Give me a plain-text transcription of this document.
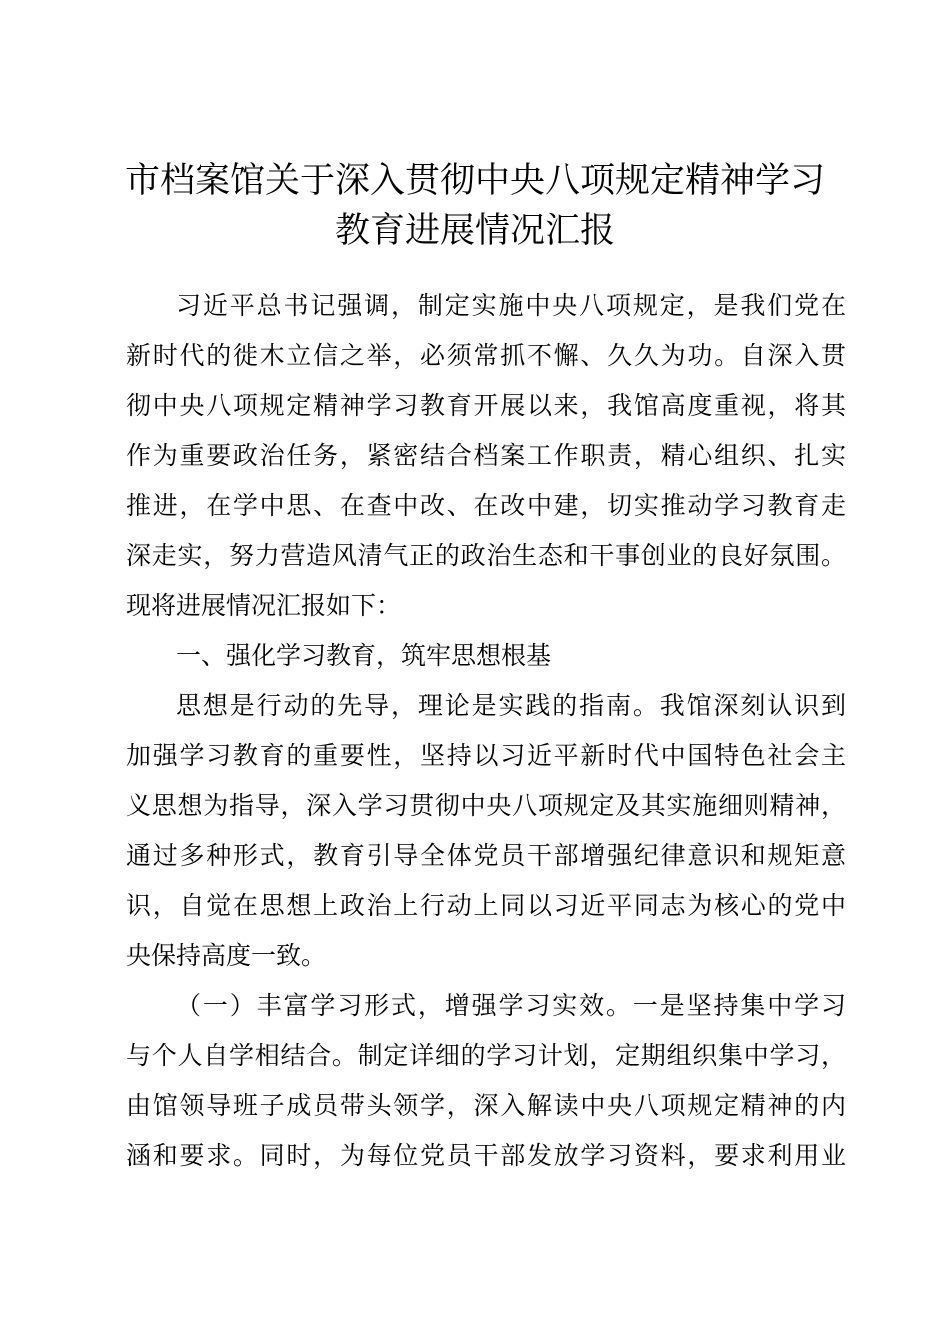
市档案馆关于深入贯彻中央八项规定精神学习
教育进展情况汇报

习近平总书记强调，制定实施中央八项规定，是我们党在

新时代的徙木立信之举，必须常抓不懈、久久为功。自深入贯

彻中央八项规定精神学习教育开展以来，我馆高度重视，将其

作为重要政治任务，紧密结合档案工作职责，精心组织、扎实

推进，在学中思、在查中改、在改中建，切实推动学习教育走

深走实，努力营造风清气正的政治生态和干事创业的良好氛围。

现将进展情况汇报如下：

一、强化学习教育，筑牢思想根基

思想是行动的先导，理论是实践的指南。我馆深刻认识到

加强学习教育的重要性，坚持以习近平新时代中国特色社会主

义思想为指导，深入学习贯彻中央八项规定及其实施细则精神，

通过多种形式，教育引导全体党员干部增强纪律意识和规矩意

识，自觉在思想上政治上行动上同以习近平同志为核心的党中

央保持高度一致。

（一）丰富学习形式，增强学习实效。一是坚持集中学习

与个人自学相结合。制定详细的学习计划，定期组织集中学习，

由馆领导班子成员带头领学，深入解读中央八项规定精神的内

涵和要求。同时，为每位党员干部发放学习资料，要求利用业
